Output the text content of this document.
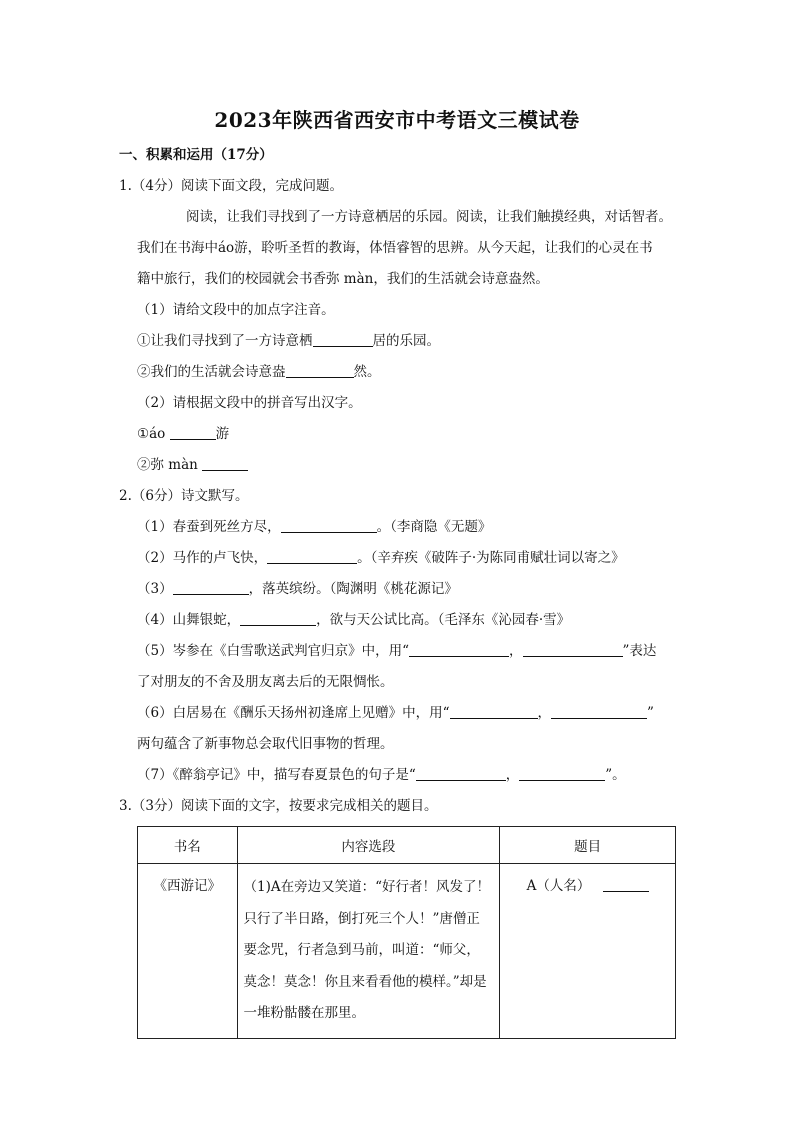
2023年陕西省西安市中考语文三模试卷
一、积累和运用（17分）
1.（4分）阅读下面文段，完成问题。
阅读，让我们寻找到了一方诗意栖居的乐园。阅读，让我们触摸经典，对话智者。
我们在书海中áo游，聆听圣哲的教诲，体悟睿智的思辨。从今天起，让我们的心灵在书
籍中旅行，我们的校园就会书香弥 màn，我们的生活就会诗意盎然。
（1）请给文段中的加点字注音。
①让我们寻找到了一方诗意栖	居的乐园。
②我们的生活就会诗意盎	然。
（2）请根据文段中的拼音写出汉字。
①áo	游
②弥 màn
2.（6分）诗文默写。
（1）春蚕到死丝方尽，	。（李商隐《无题》
（2）马作的卢飞快，	。（辛弃疾《破阵子·为陈同甫赋壮词以寄之》
（3）	，落英缤纷。（陶渊明《桃花源记》
（4）山舞银蛇，	，欲与天公试比高。（毛泽东《沁园春·雪》
（5）岑参在《白雪歌送武判官归京》中，用“	，	”表达
了对朋友的不舍及朋友离去后的无限惆怅。
（6）白居易在《酬乐天扬州初逢席上见赠》中，用“	，	”
两句蕴含了新事物总会取代旧事物的哲理。
（7）《醉翁亭记》中，描写春夏景色的句子是“	，	”。
3.（3分）阅读下面的文字，按要求完成相关的题目。
书名	内容选段	题目
《西游记》	（1)A在旁边又笑道：“好行者！风发了！
只行了半日路，倒打死三个人！”唐僧正
要念咒，行者急到马前，叫道：“师父，
莫念！莫念！你且来看看他的模样。”却是
一堆粉骷髅在那里。	A（人名）
